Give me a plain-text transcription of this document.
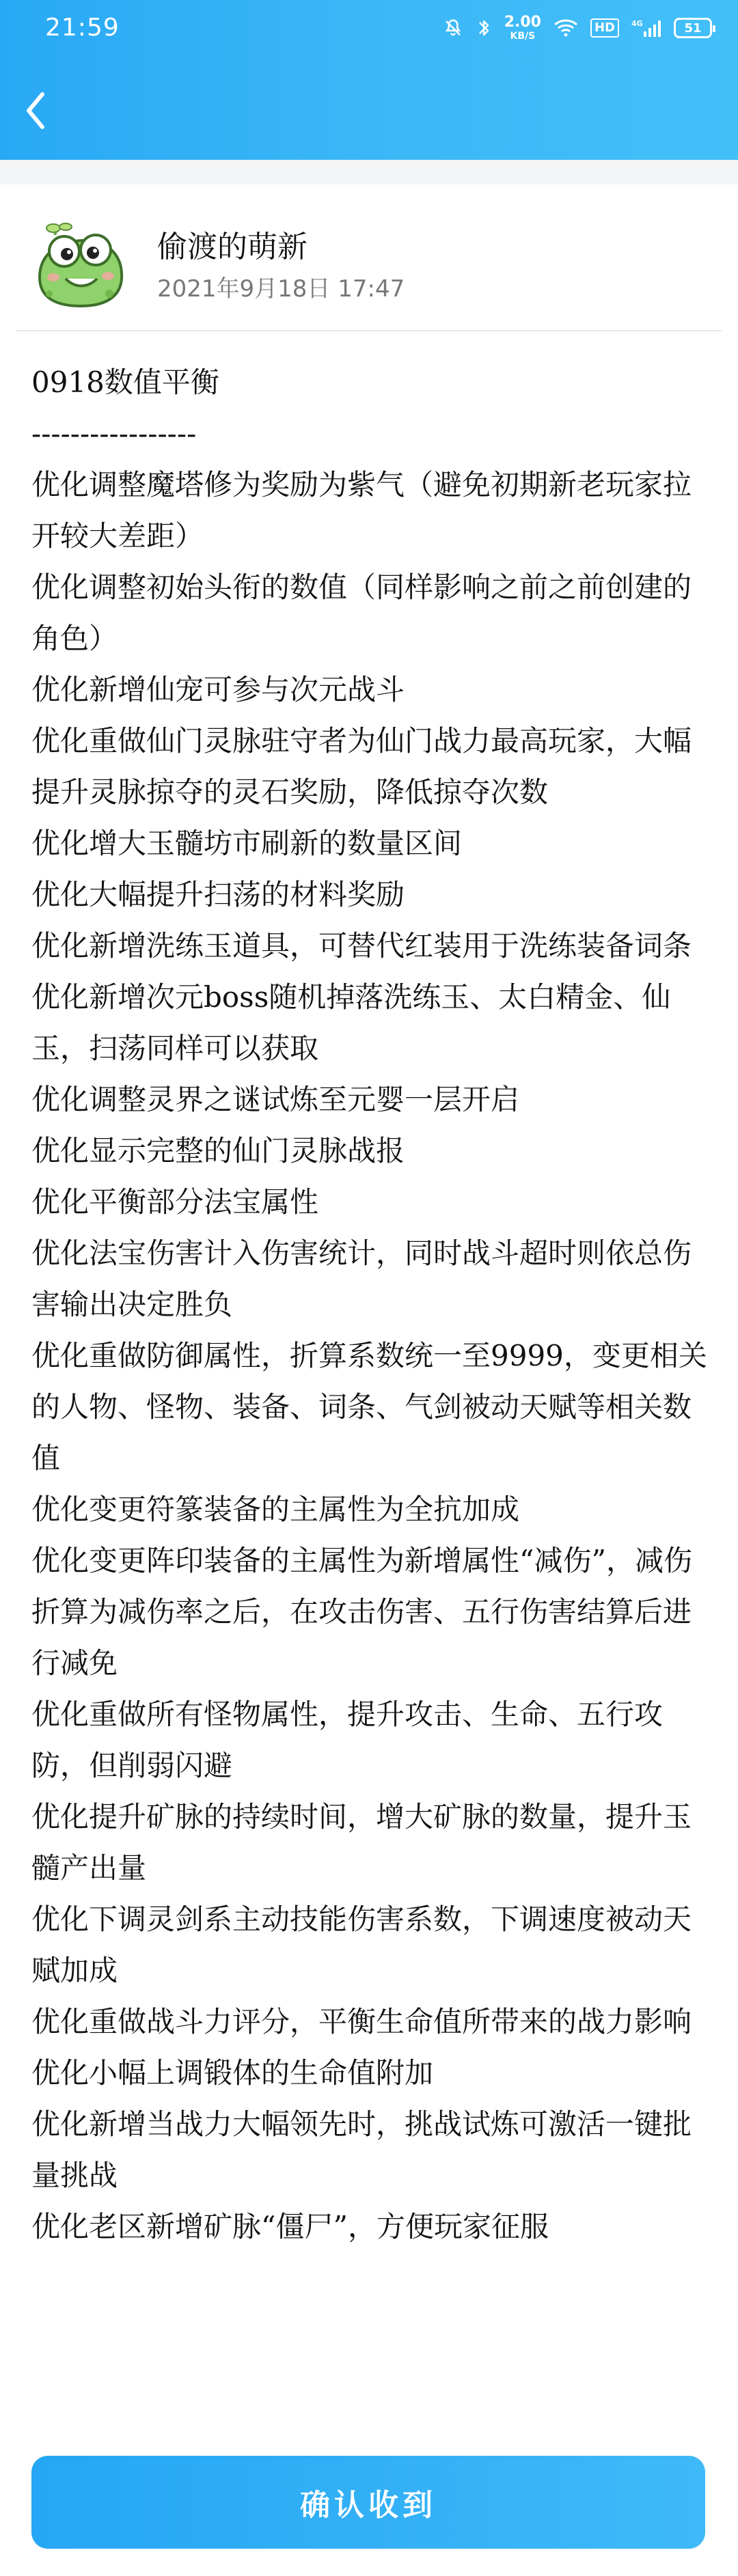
21:59	2.00
KB/S
HD	4G	51
偷渡的萌新
2021年9月18日 17:47
0918数值平衡
-----------------
优化调整魔塔修为奖励为紫气（避免初期新老玩家拉开较大差距）
优化调整初始头衔的数值（同样影响之前之前创建的角色）
优化新增仙宠可参与次元战斗
优化重做仙门灵脉驻守者为仙门战力最高玩家，大幅提升灵脉掠夺的灵石奖励，降低掠夺次数
优化增大玉髓坊市刷新的数量区间
优化大幅提升扫荡的材料奖励
优化新增洗练玉道具，可替代红装用于洗练装备词条
优化新增次元boss随机掉落洗练玉、太白精金、仙玉，扫荡同样可以获取
优化调整灵界之谜试炼至元婴一层开启
优化显示完整的仙门灵脉战报
优化平衡部分法宝属性
优化法宝伤害计入伤害统计，同时战斗超时则依总伤害输出决定胜负
优化重做防御属性，折算系数统一至9999，变更相关的人物、怪物、装备、词条、气剑被动天赋等相关数值
优化变更符篆装备的主属性为全抗加成
优化变更阵印装备的主属性为新增属性“减伤”，减伤折算为减伤率之后，在攻击伤害、五行伤害结算后进行减免
优化重做所有怪物属性，提升攻击、生命、五行攻防，但削弱闪避
优化提升矿脉的持续时间，增大矿脉的数量，提升玉髓产出量
优化下调灵剑系主动技能伤害系数，下调速度被动天赋加成
优化重做战斗力评分，平衡生命值所带来的战力影响
优化小幅上调锻体的生命值附加
优化新增当战力大幅领先时，挑战试炼可激活一键批量挑战
优化老区新增矿脉“僵尸”，方便玩家征服
确认收到
